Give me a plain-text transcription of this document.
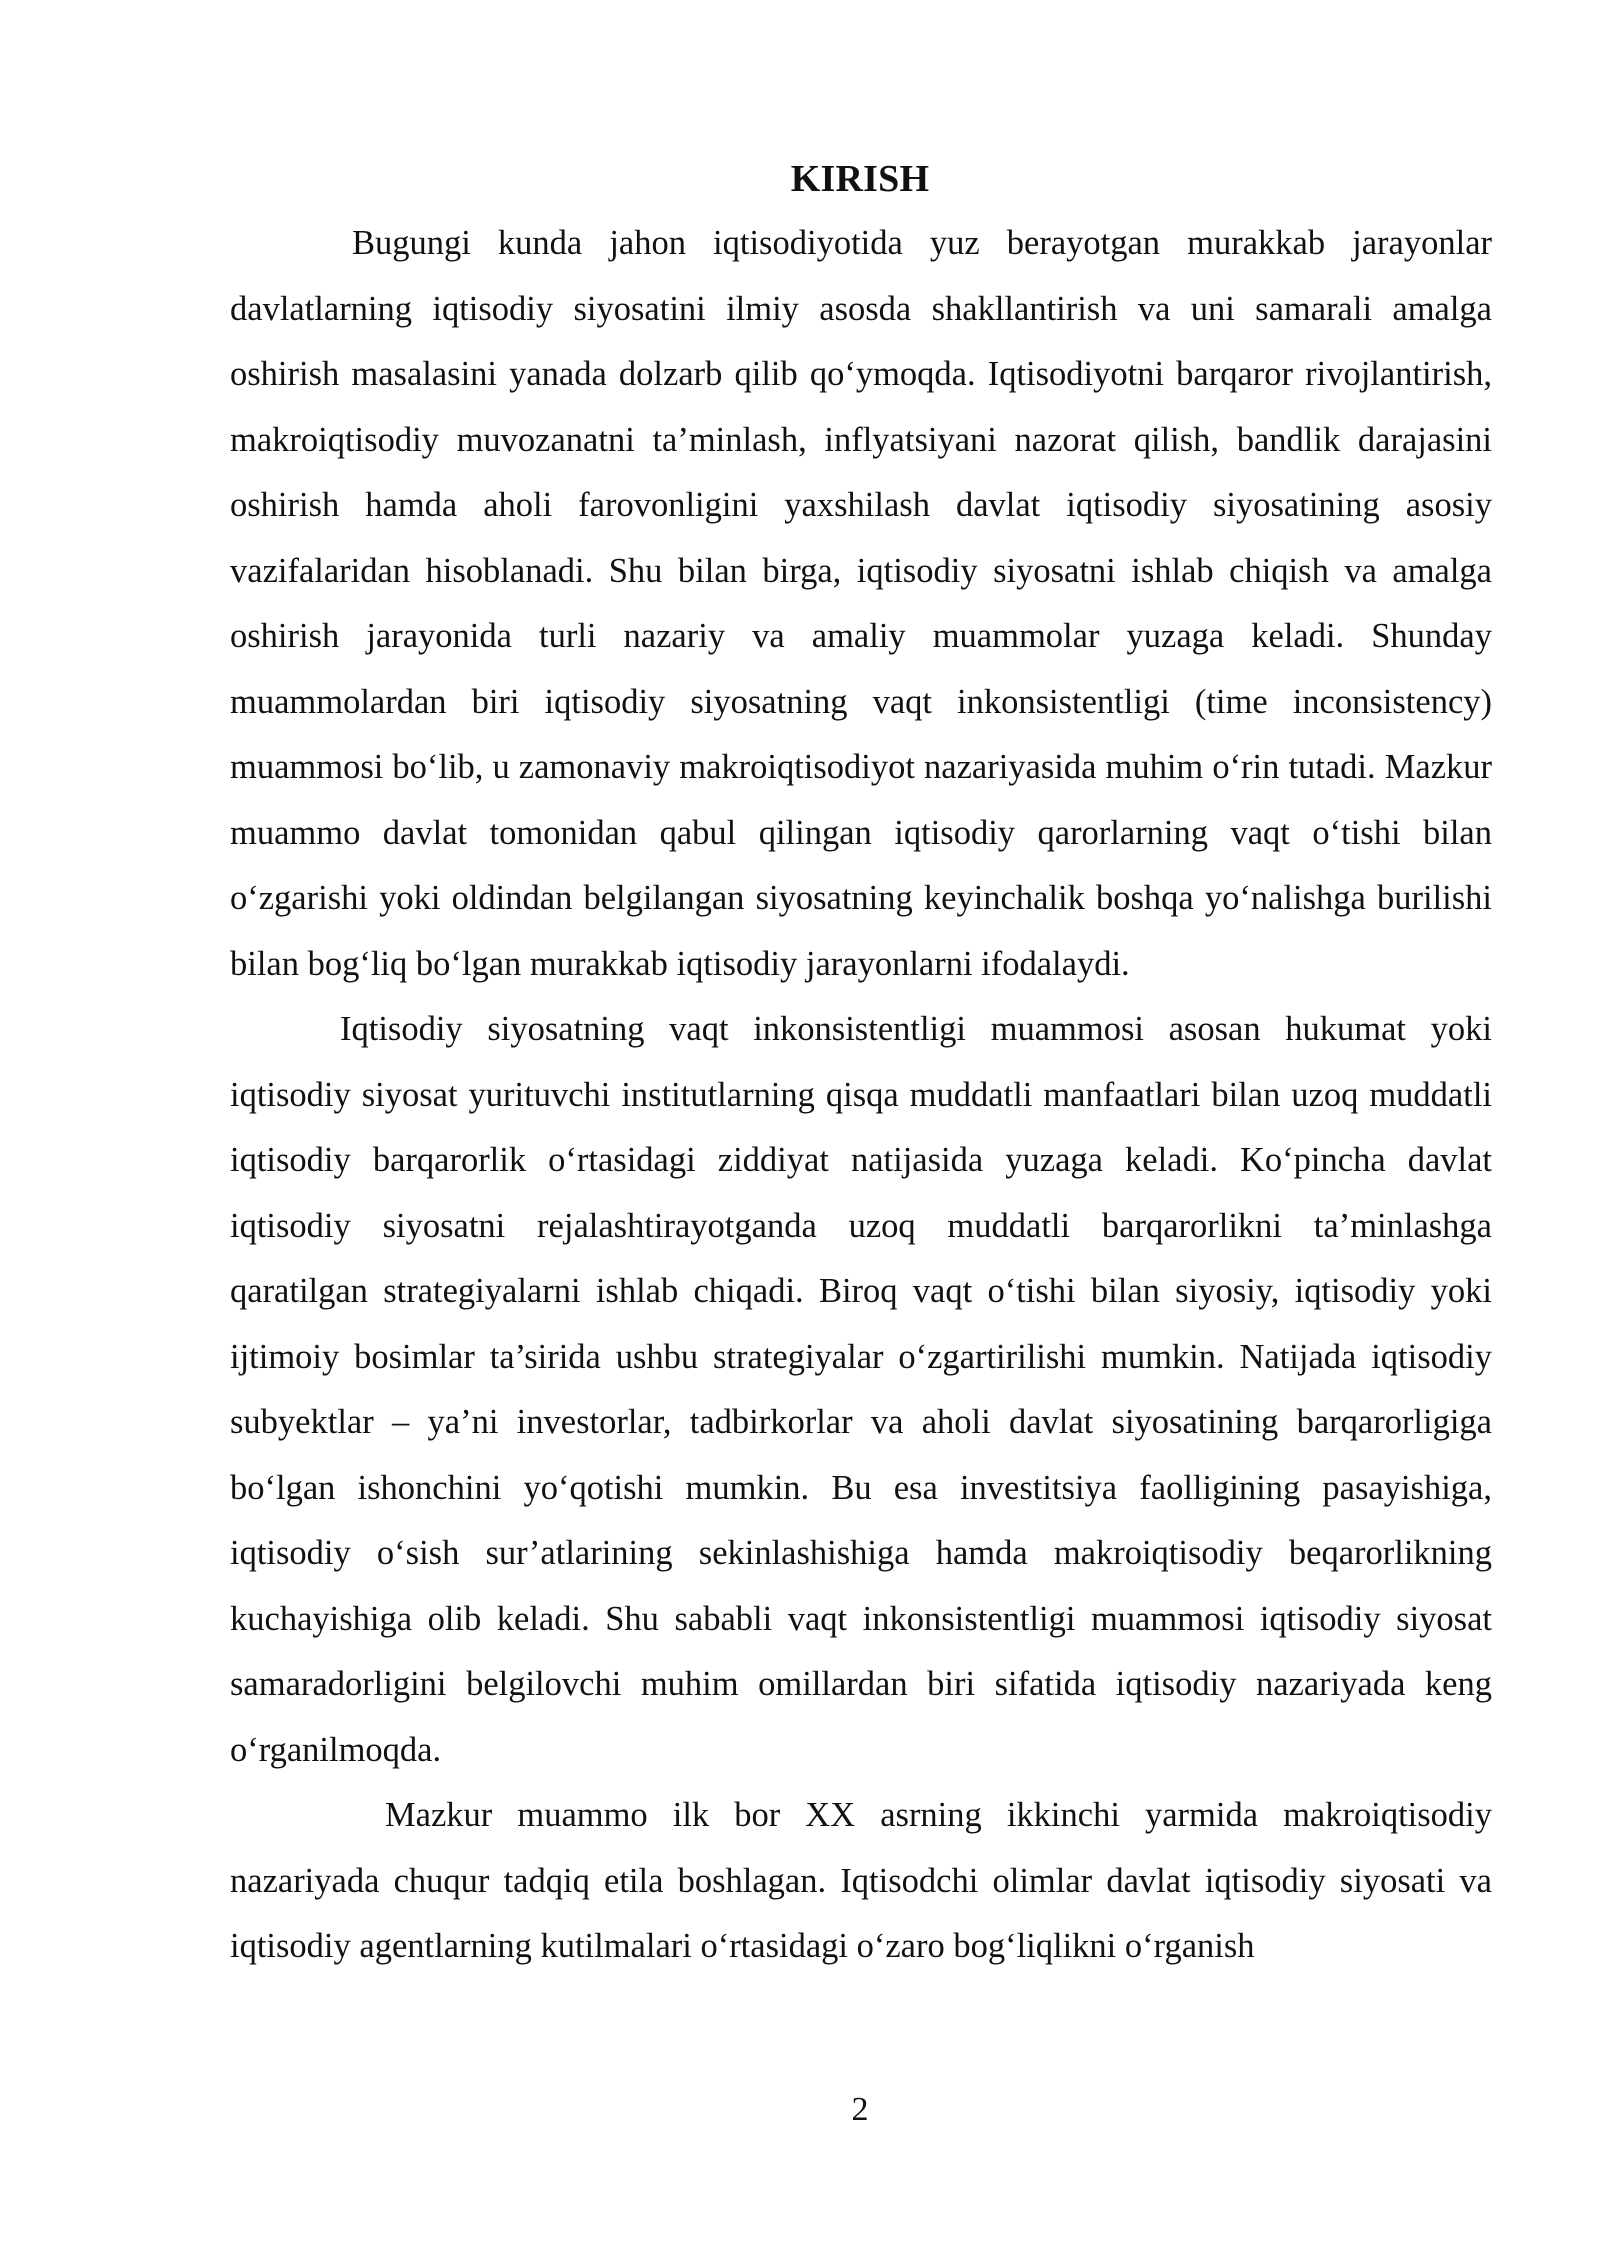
KIRISH

Bugungi kunda jahon iqtisodiyotida yuz berayotgan murakkab jarayonlar davlatlarning iqtisodiy siyosatini ilmiy asosda shakllantirish va uni samarali amalga oshirish masalasini yanada dolzarb qilib qo‘ymoqda. Iqtisodiyotni barqaror rivojlantirish, makroiqtisodiy muvozanatni ta’minlash, inflyatsiyani nazorat qilish, bandlik darajasini oshirish hamda aholi farovonligini yaxshilash davlat iqtisodiy siyosatining asosiy vazifalaridan hisoblanadi. Shu bilan birga, iqtisodiy siyosatni ishlab chiqish va amalga oshirish jarayonida turli nazariy va amaliy muammolar yuzaga keladi. Shunday muammolardan biri iqtisodiy siyosatning vaqt inkonsistentligi (time inconsistency) muammosi bo‘lib, u zamonaviy makroiqtisodiyot nazariyasida muhim o‘rin tutadi. Mazkur muammo davlat tomonidan qabul qilingan iqtisodiy qarorlarning vaqt o‘tishi bilan o‘zgarishi yoki oldindan belgilangan siyosatning keyinchalik boshqa yo‘nalishga burilishi bilan bog‘liq bo‘lgan murakkab iqtisodiy jarayonlarni ifodalaydi.

Iqtisodiy siyosatning vaqt inkonsistentligi muammosi asosan hukumat yoki iqtisodiy siyosat yurituvchi institutlarning qisqa muddatli manfaatlari bilan uzoq muddatli iqtisodiy barqarorlik o‘rtasidagi ziddiyat natijasida yuzaga keladi. Ko‘pincha davlat iqtisodiy siyosatni rejalashtirayotganda uzoq muddatli barqarorlikni ta’minlashga qaratilgan strategiyalarni ishlab chiqadi. Biroq vaqt o‘tishi bilan siyosiy, iqtisodiy yoki ijtimoiy bosimlar ta’sirida ushbu strategiyalar o‘zgartirilishi mumkin. Natijada iqtisodiy subyektlar – ya’ni investorlar, tadbirkorlar va aholi davlat siyosatining barqarorligiga bo‘lgan ishonchini yo‘qotishi mumkin. Bu esa investitsiya faolligining pasayishiga, iqtisodiy o‘sish sur’atlarining sekinlashishiga hamda makroiqtisodiy beqarorlikning kuchayishiga olib keladi. Shu sababli vaqt inkonsistentligi muammosi iqtisodiy siyosat samaradorligini belgilovchi muhim omillardan biri sifatida iqtisodiy nazariyada keng o‘rganilmoqda.

Mazkur muammo ilk bor XX asrning ikkinchi yarmida makroiqtisodiy nazariyada chuqur tadqiq etila boshlagan. Iqtisodchi olimlar davlat iqtisodiy siyosati va iqtisodiy agentlarning kutilmalari o‘rtasidagi o‘zaro bog‘liqlikni o‘rganish

2
